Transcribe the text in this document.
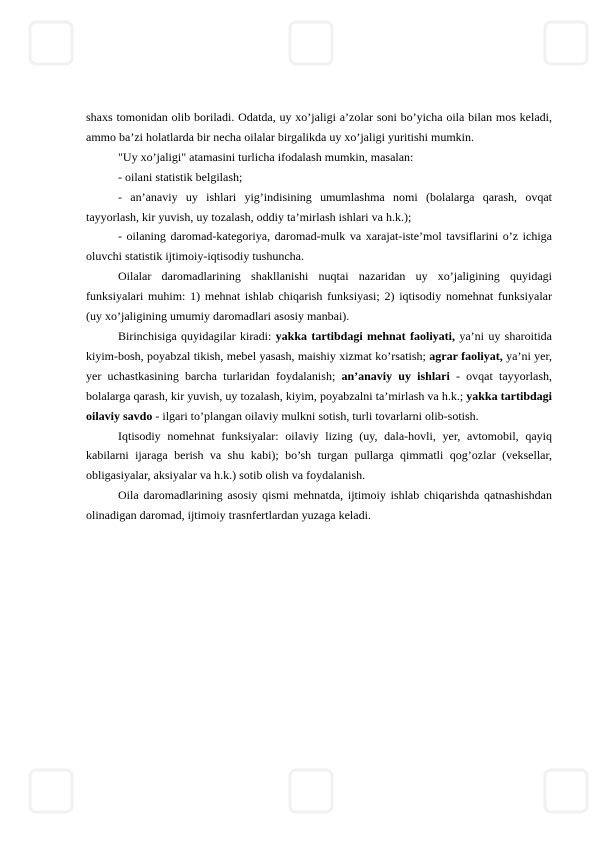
shaxs tomonidan olib boriladi. Odatda, uy xo’jaligi a’zolar soni bo’yicha oila bilan mos keladi, ammo ba’zi holatlarda bir necha oilalar birgalikda uy xo’jaligi yuritishi mumkin.

"Uy xo’jaligi" atamasini turlicha ifodalash mumkin, masalan:

- oilani statistik belgilash;

- an’anaviy uy ishlari yig’indisining umumlashma nomi (bolalarga qarash, ovqat tayyorlash, kir yuvish, uy tozalash, oddiy ta’mirlash ishlari va h.k.);

- oilaning daromad-kategoriya, daromad-mulk va xarajat-iste’mol tavsiflarini o’z ichiga oluvchi statistik ijtimoiy-iqtisodiy tushuncha.

Oilalar daromadlarining shakllanishi nuqtai nazaridan uy xo’jaligining quyidagi funksiyalari muhim: 1) mehnat ishlab chiqarish funksiyasi; 2) iqtisodiy nomehnat funksiyalar (uy xo’jaligining umumiy daromadlari asosiy manbai).

Birinchisiga quyidagilar kiradi: yakka tartibdagi mehnat faoliyati, ya’ni uy sharoitida kiyim-bosh, poyabzal tikish, mebel yasash, maishiy xizmat ko’rsatish; agrar faoliyat, ya’ni yer, yer uchastkasining barcha turlaridan foydalanish; an’anaviy uy ishlari - ovqat tayyorlash, bolalarga qarash, kir yuvish, uy tozalash, kiyim, poyabzalni ta’mirlash va h.k.; yakka tartibdagi oilaviy savdo - ilgari to’plangan oilaviy mulkni sotish, turli tovarlarni olib-sotish.

Iqtisodiy nomehnat funksiyalar: oilaviy lizing (uy, dala-hovli, yer, avtomobil, qayiq kabilarni ijaraga berish va shu kabi); bo’sh turgan pullarga qimmatli qog’ozlar (veksellar, obligasiyalar, aksiyalar va h.k.) sotib olish va foydalanish.

Oila daromadlarining asosiy qismi mehnatda, ijtimoiy ishlab chiqarishda qatnashishdan olinadigan daromad, ijtimoiy trasnfertlardan yuzaga keladi.
